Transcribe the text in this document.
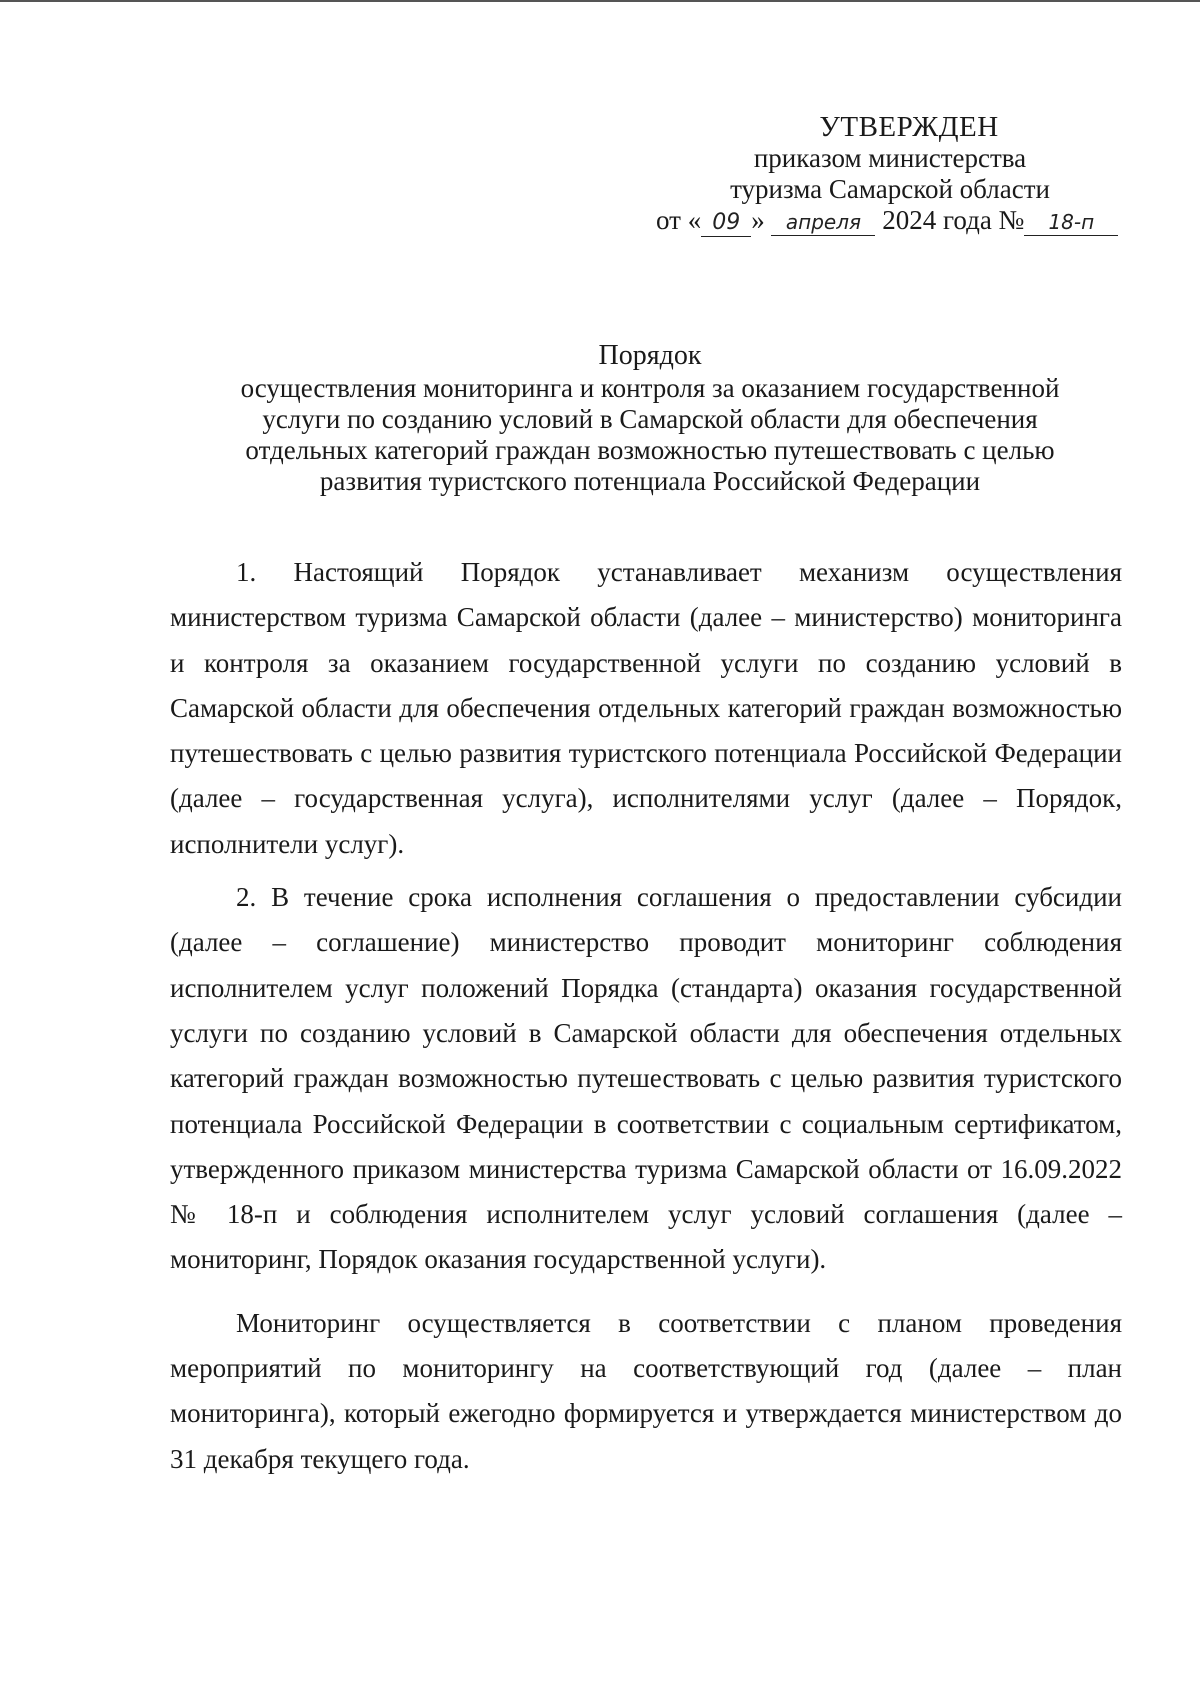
УТВЕРЖДЕН
приказом министерства
туризма Самарской области
от « 09 » апреля 2024 года № 18-п
Порядок
осуществления мониторинга и контроля за оказанием государственной
услуги по созданию условий в Самарской области для обеспечения
отдельных категорий граждан возможностью путешествовать с целью
развития туристского потенциала Российской Федерации

1. Настоящий Порядок устанавливает механизм осуществления министерством туризма Самарской области (далее – министерство) мониторинга и контроля за оказанием государственной услуги по созданию условий в Самарской области для обеспечения отдельных категорий граждан возможностью путешествовать с целью развития туристского потенциала Российской Федерации (далее – государственная услуга), исполнителями услуг (далее – Порядок, исполнители услуг).

2. В течение срока исполнения соглашения о предоставлении субсидии (далее – соглашение) министерство проводит мониторинг соблюдения исполнителем услуг положений Порядка (стандарта) оказания государственной услуги по созданию условий в Самарской области для обеспечения отдельных категорий граждан возможностью путешествовать с целью развития туристского потенциала Российской Федерации в соответствии с социальным сертификатом, утвержденного приказом министерства туризма Самарской области от 16.09.2022 № 18-п и соблюдения исполнителем услуг условий соглашения (далее – мониторинг, Порядок оказания государственной услуги).

Мониторинг осуществляется в соответствии с планом проведения мероприятий по мониторингу на соответствующий год (далее – план мониторинга), который ежегодно формируется и утверждается министерством до 31 декабря текущего года.
